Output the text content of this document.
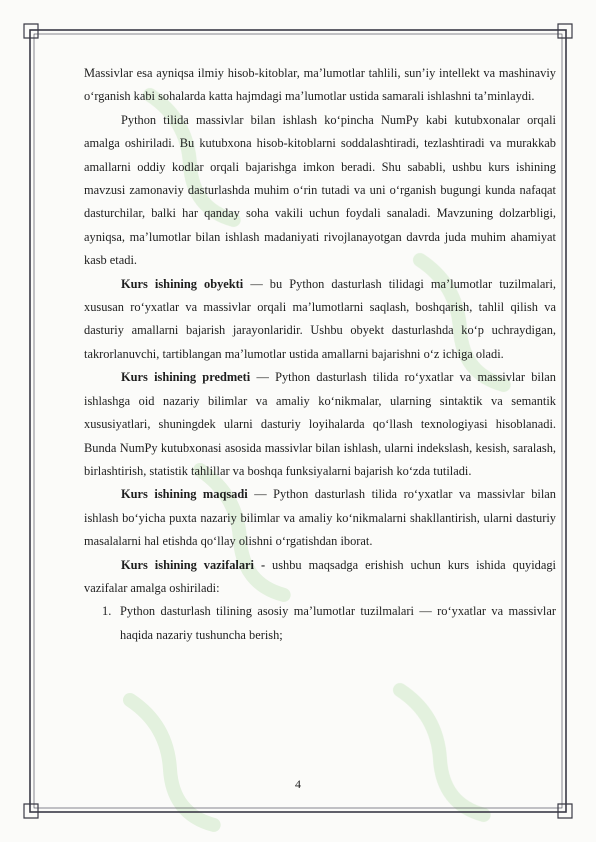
Massivlar esa ayniqsa ilmiy hisob-kitoblar, ma’lumotlar tahlili, sun’iy intellekt va mashinaviy o‘rganish kabi sohalarda katta hajmdagi ma’lumotlar ustida samarali ishlashni ta’minlaydi.

Python tilida massivlar bilan ishlash ko‘pincha NumPy kabi kutubxonalar orqali amalga oshiriladi. Bu kutubxona hisob-kitoblarni soddalashtiradi, tezlashtiradi va murakkab amallarni oddiy kodlar orqali bajarishga imkon beradi. Shu sababli, ushbu kurs ishining mavzusi zamonaviy dasturlashda muhim o‘rin tutadi va uni o‘rganish bugungi kunda nafaqat dasturchilar, balki har qanday soha vakili uchun foydali sanaladi. Mavzuning dolzarbligi, ayniqsa, ma’lumotlar bilan ishlash madaniyati rivojlanayotgan davrda juda muhim ahamiyat kasb etadi.

Kurs ishining obyekti — bu Python dasturlash tilidagi ma’lumotlar tuzilmalari, xususan ro‘yxatlar va massivlar orqali ma’lumotlarni saqlash, boshqarish, tahlil qilish va dasturiy amallarni bajarish jarayonlaridir. Ushbu obyekt dasturlashda ko‘p uchraydigan, takrorlanuvchi, tartiblangan ma’lumotlar ustida amallarni bajarishni o‘z ichiga oladi.

Kurs ishining predmeti — Python dasturlash tilida ro‘yxatlar va massivlar bilan ishlashga oid nazariy bilimlar va amaliy ko‘nikmalar, ularning sintaktik va semantik xususiyatlari, shuningdek ularni dasturiy loyihalarda qo‘llash texnologiyasi hisoblanadi. Bunda NumPy kutubxonasi asosida massivlar bilan ishlash, ularni indekslash, kesish, saralash, birlashtirish, statistik tahlillar va boshqa funksiyalarni bajarish ko‘zda tutiladi.

Kurs ishining maqsadi — Python dasturlash tilida ro‘yxatlar va massivlar bilan ishlash bo‘yicha puxta nazariy bilimlar va amaliy ko‘nikmalarni shakllantirish, ularni dasturiy masalalarni hal etishda qo‘llay olishni o‘rgatishdan iborat.

Kurs ishining vazifalari - ushbu maqsadga erishish uchun kurs ishida quyidagi vazifalar amalga oshiriladi:

1. Python dasturlash tilining asosiy ma’lumotlar tuzilmalari — ro‘yxatlar va massivlar haqida nazariy tushuncha berish;
4
